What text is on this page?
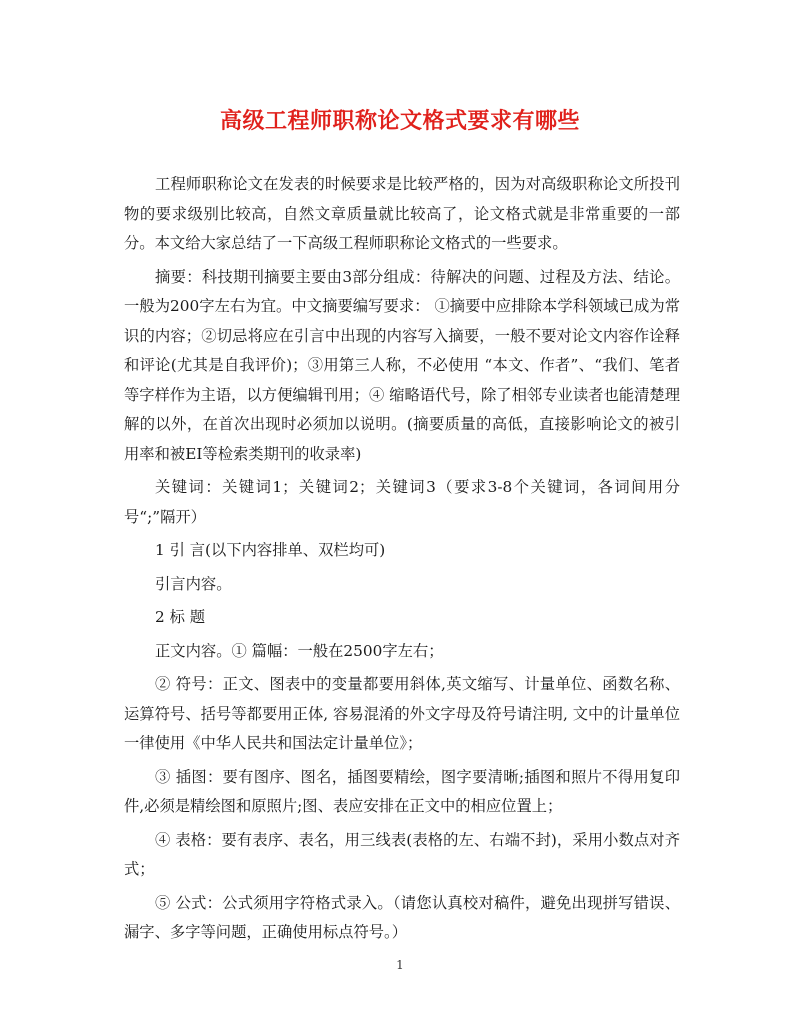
高级工程师职称论文格式要求有哪些

工程师职称论文在发表的时候要求是比较严格的，因为对高级职称论文所投刊物的要求级别比较高，自然文章质量就比较高了，论文格式就是非常重要的一部分。本文给大家总结了一下高级工程师职称论文格式的一些要求。

摘要：科技期刊摘要主要由3部分组成：待解决的问题、过程及方法、结论。一般为200字左右为宜。中文摘要编写要求： ①摘要中应排除本学科领域已成为常识的内容；②切忌将应在引言中出现的内容写入摘要，一般不要对论文内容作诠释和评论(尤其是自我评价)；③用第三人称，不必使用 “本文、作者”、“我们、笔者等字样作为主语，以方便编辑刊用；④ 缩略语代号，除了相邻专业读者也能清楚理解的以外，在首次出现时必须加以说明。(摘要质量的高低，直接影响论文的被引用率和被EI等检索类期刊的收录率)

关键词：关键词1；关键词2；关键词3（要求3-8个关键词，各词间用分号“;”隔开）

1 引 言(以下内容排单、双栏均可)

引言内容。

2 标 题

正文内容。① 篇幅：一般在2500字左右；

② 符号：正文、图表中的变量都要用斜体,英文缩写、计量单位、函数名称、运算符号、括号等都要用正体, 容易混淆的外文字母及符号请注明, 文中的计量单位一律使用《中华人民共和国法定计量单位》；

③ 插图：要有图序、图名，插图要精绘，图字要清晰;插图和照片不得用复印件,必须是精绘图和原照片;图、表应安排在正文中的相应位置上；

④ 表格：要有表序、表名，用三线表(表格的左、右端不封)，采用小数点对齐式；

⑤ 公式：公式须用字符格式录入。（请您认真校对稿件，避免出现拼写错误、漏字、多字等问题，正确使用标点符号。）

1
